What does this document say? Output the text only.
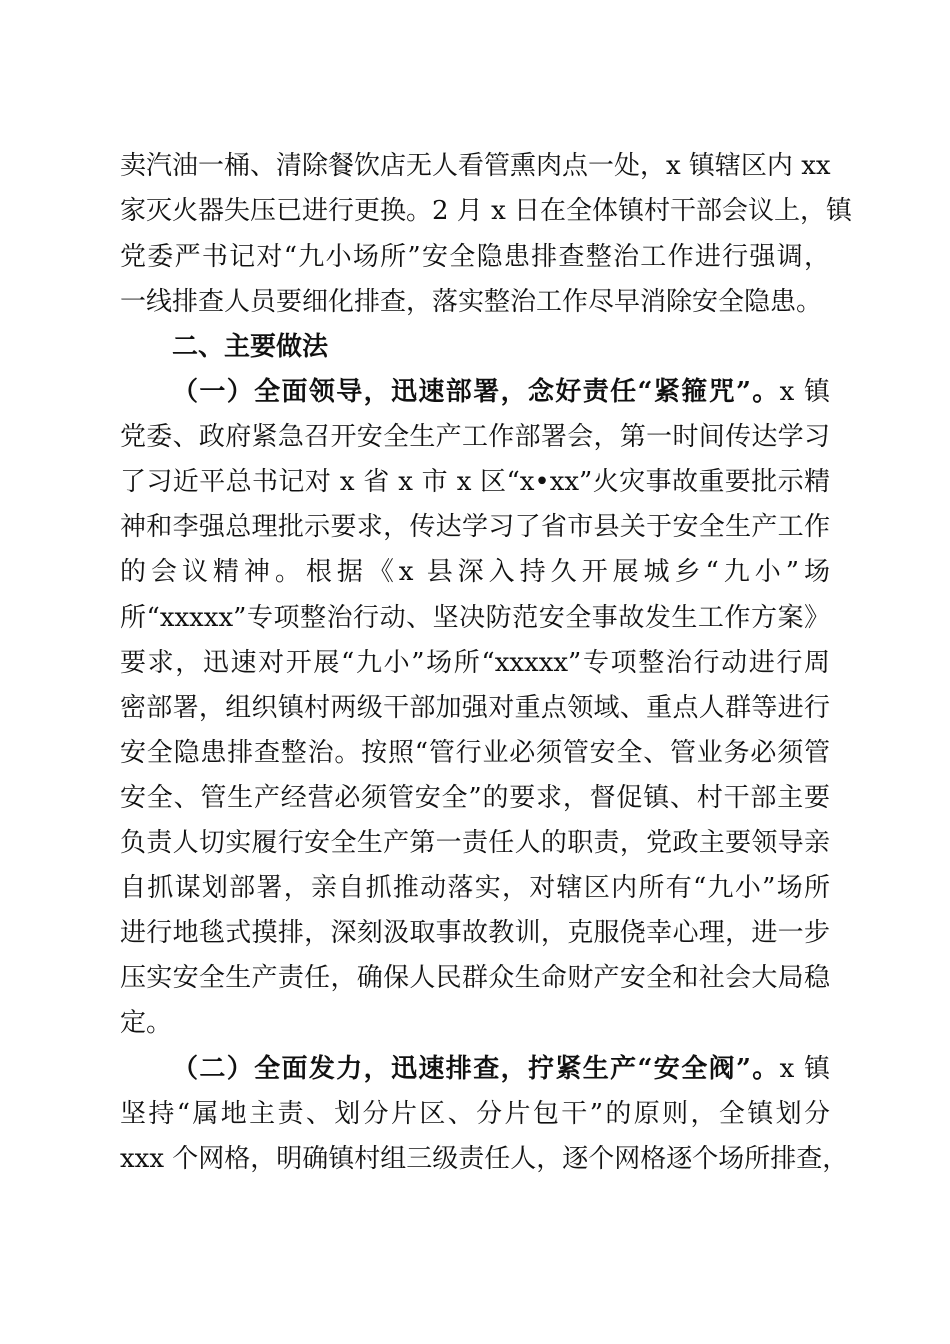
卖汽油一桶、清除餐饮店无人看管熏肉点一处，x 镇辖区内 xx
家灭火器失压已进行更换。2 月 x 日在全体镇村干部会议上，镇
党委严书记对“九小场所”安全隐患排查整治工作进行强调，
一线排查人员要细化排查，落实整治工作尽早消除安全隐患。
二、主要做法
（一）全面领导，迅速部署，念好责任“紧箍咒”。x 镇
党委、政府紧急召开安全生产工作部署会，第一时间传达学习
了习近平总书记对 x 省 x 市 x 区“x•xx”火灾事故重要批示精
神和李强总理批示要求，传达学习了省市县关于安全生产工作
的会议精神。根据《x 县深入持久开展城乡“九小”场
所“xxxxx”专项整治行动、坚决防范安全事故发生工作方案》
要求，迅速对开展“九小”场所“xxxxx”专项整治行动进行周
密部署，组织镇村两级干部加强对重点领域、重点人群等进行
安全隐患排查整治。按照“管行业必须管安全、管业务必须管
安全、管生产经营必须管安全”的要求，督促镇、村干部主要
负责人切实履行安全生产第一责任人的职责，党政主要领导亲
自抓谋划部署，亲自抓推动落实，对辖区内所有“九小”场所
进行地毯式摸排，深刻汲取事故教训，克服侥幸心理，进一步
压实安全生产责任，确保人民群众生命财产安全和社会大局稳
定。
（二）全面发力，迅速排查，拧紧生产“安全阀”。x 镇
坚持“属地主责、划分片区、分片包干”的原则，全镇划分
xxx 个网格，明确镇村组三级责任人，逐个网格逐个场所排查，
